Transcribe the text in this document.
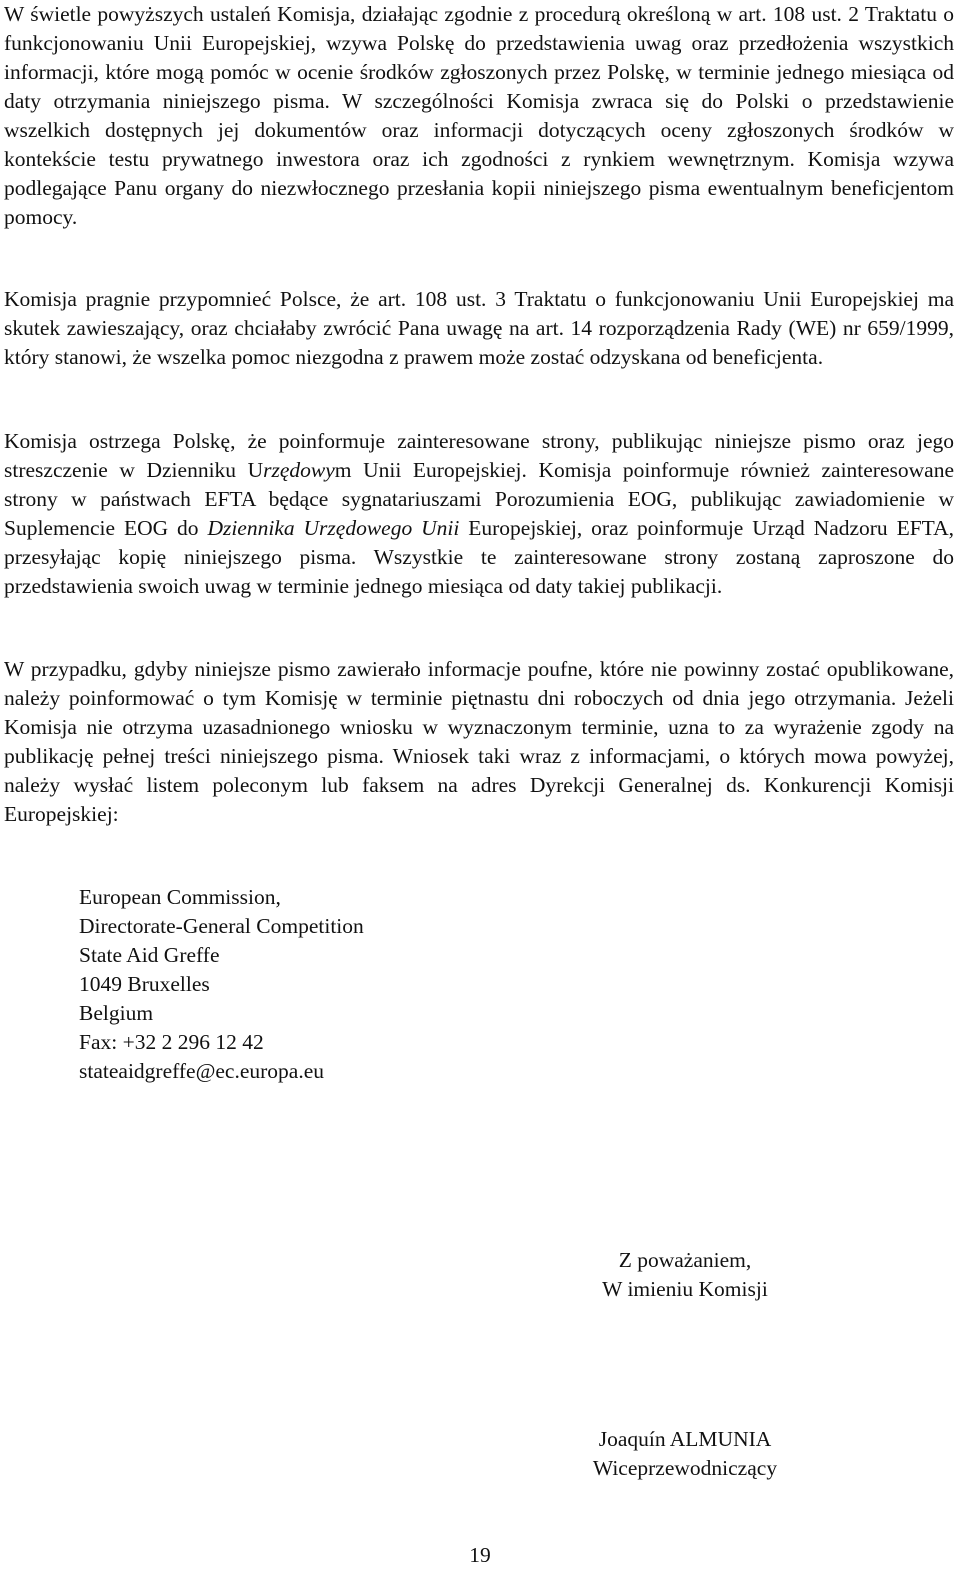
W świetle powyższych ustaleń Komisja, działając zgodnie z procedurą określoną w art. 108 ust. 2 Traktatu o funkcjonowaniu Unii Europejskiej, wzywa Polskę do przedstawienia uwag oraz przedłożenia wszystkich informacji, które mogą pomóc w ocenie środków zgłoszonych przez Polskę, w terminie jednego miesiąca od daty otrzymania niniejszego pisma. W szczególności Komisja zwraca się do Polski o przedstawienie wszelkich dostępnych jej dokumentów oraz informacji dotyczących oceny zgłoszonych środków w kontekście testu prywatnego inwestora oraz ich zgodności z rynkiem wewnętrznym. Komisja wzywa podlegające Panu organy do niezwłocznego przesłania kopii niniejszego pisma ewentualnym beneficjentom pomocy.

Komisja pragnie przypomnieć Polsce, że art. 108 ust. 3 Traktatu o funkcjonowaniu Unii Europejskiej ma skutek zawieszający, oraz chciałaby zwrócić Pana uwagę na art. 14 rozporządzenia Rady (WE) nr 659/1999, który stanowi, że wszelka pomoc niezgodna z prawem może zostać odzyskana od beneficjenta.

Komisja ostrzega Polskę, że poinformuje zainteresowane strony, publikując niniejsze pismo oraz jego streszczenie w Dzienniku Urzędowym Unii Europejskiej. Komisja poinformuje również zainteresowane strony w państwach EFTA będące sygnatariuszami Porozumienia EOG, publikując zawiadomienie w Suplemencie EOG do Dziennika Urzędowego Unii Europejskiej, oraz poinformuje Urząd Nadzoru EFTA, przesyłając kopię niniejszego pisma. Wszystkie te zainteresowane strony zostaną zaproszone do przedstawienia swoich uwag w terminie jednego miesiąca od daty takiej publikacji.

W przypadku, gdyby niniejsze pismo zawierało informacje poufne, które nie powinny zostać opublikowane, należy poinformować o tym Komisję w terminie piętnastu dni roboczych od dnia jego otrzymania. Jeżeli Komisja nie otrzyma uzasadnionego wniosku w wyznaczonym terminie, uzna to za wyrażenie zgody na publikację pełnej treści niniejszego pisma. Wniosek taki wraz z informacjami, o których mowa powyżej, należy wysłać listem poleconym lub faksem na adres Dyrekcji Generalnej ds. Konkurencji Komisji Europejskiej:

European Commission,
Directorate-General Competition
State Aid Greffe
1049 Bruxelles
Belgium
Fax: +32 2 296 12 42
stateaidgreffe@ec.europa.eu
Z poważaniem,
W imieniu Komisji
Joaquín ALMUNIA
Wiceprzewodniczący
19
